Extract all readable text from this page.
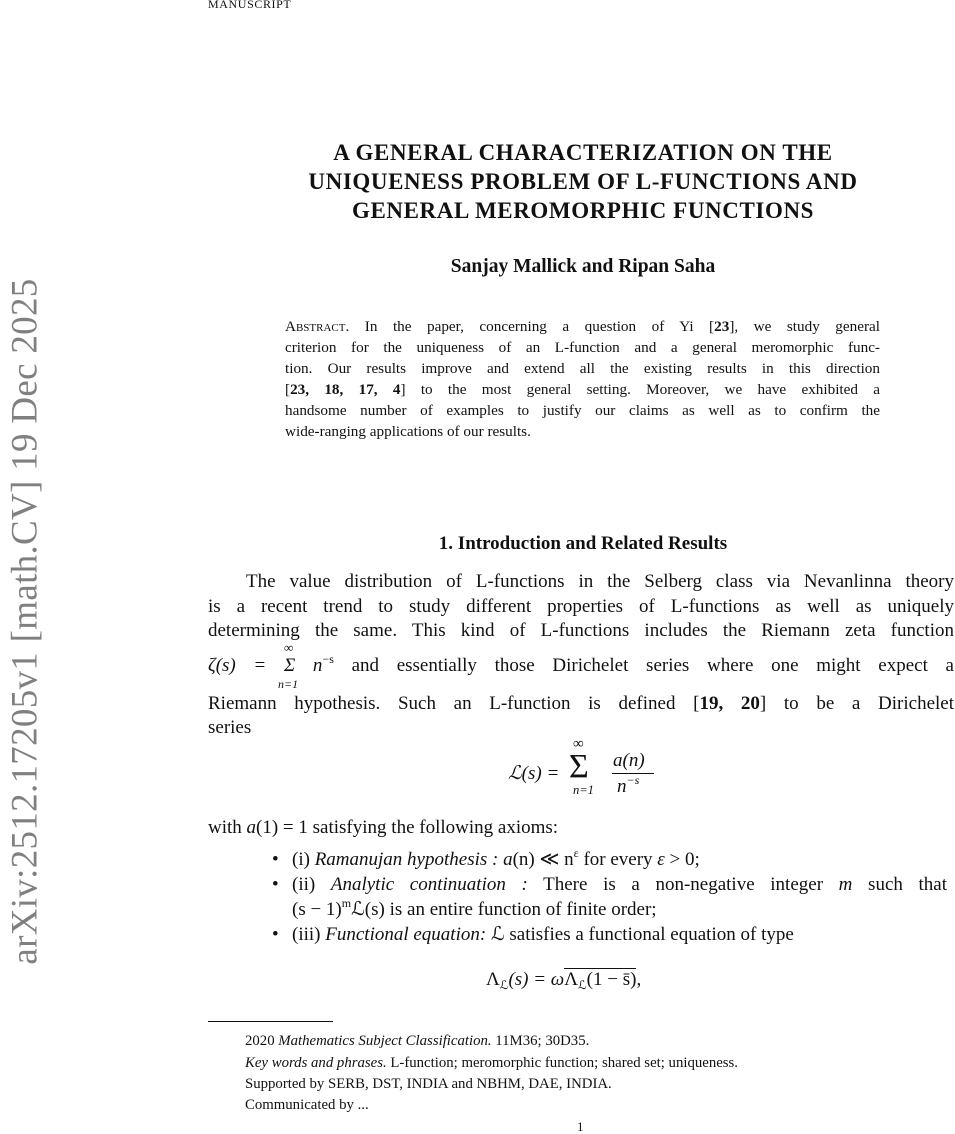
arXiv:2512.17205v1 [math.CV] 19 Dec 2025
MANUSCRIPT
A GENERAL CHARACTERIZATION ON THE
UNIQUENESS PROBLEM OF L-FUNCTIONS AND
GENERAL MEROMORPHIC FUNCTIONS
Sanjay Mallick and Ripan Saha
Abstract. In the paper, concerning a question of Yi [23], we study general
criterion for the uniqueness of an L-function and a general meromorphic func-
tion. Our results improve and extend all the existing results in this direction
[23, 18, 17, 4] to the most general setting. Moreover, we have exhibited a
handsome number of examples to justify our claims as well as to confirm the
wide-ranging applications of our results.
1. Introduction and Related Results
The value distribution of L-functions in the Selberg class via Nevanlinna theory
is a recent trend to study different properties of L-functions as well as uniquely
determining the same. This kind of L-functions includes the Riemann zeta function
∞
ζ(s) = Σ $n^{-s}$ and essentially those Dirichelet series where one might expect a
n=1
Riemann hypothesis. Such an L-function is defined [19, 20] to be a Dirichelet
series
ℒ(s) =
∞
Σ
n=1
a(n)
$n^{-s}$
with a(1) = 1 satisfying the following axioms:
• (i) Ramanujan hypothesis : a(n) ≪ $n^\varepsilon$ for every ε > 0;
• (ii) Analytic continuation : There is a non-negative integer m such that
$(s - 1)^mℒ(s)$ is an entire function of finite order;
• (iii) Functional equation: ℒ satisfies a functional equation of type
$\Lambda_ℒ(s) = \omega\Lambda_ℒ(1$ − s̄),
2020 Mathematics Subject Classification. 11M36; 30D35.
Key words and phrases. L-function; meromorphic function; shared set; uniqueness.
Supported by SERB, DST, INDIA and NBHM, DAE, INDIA.
Communicated by ...
1
